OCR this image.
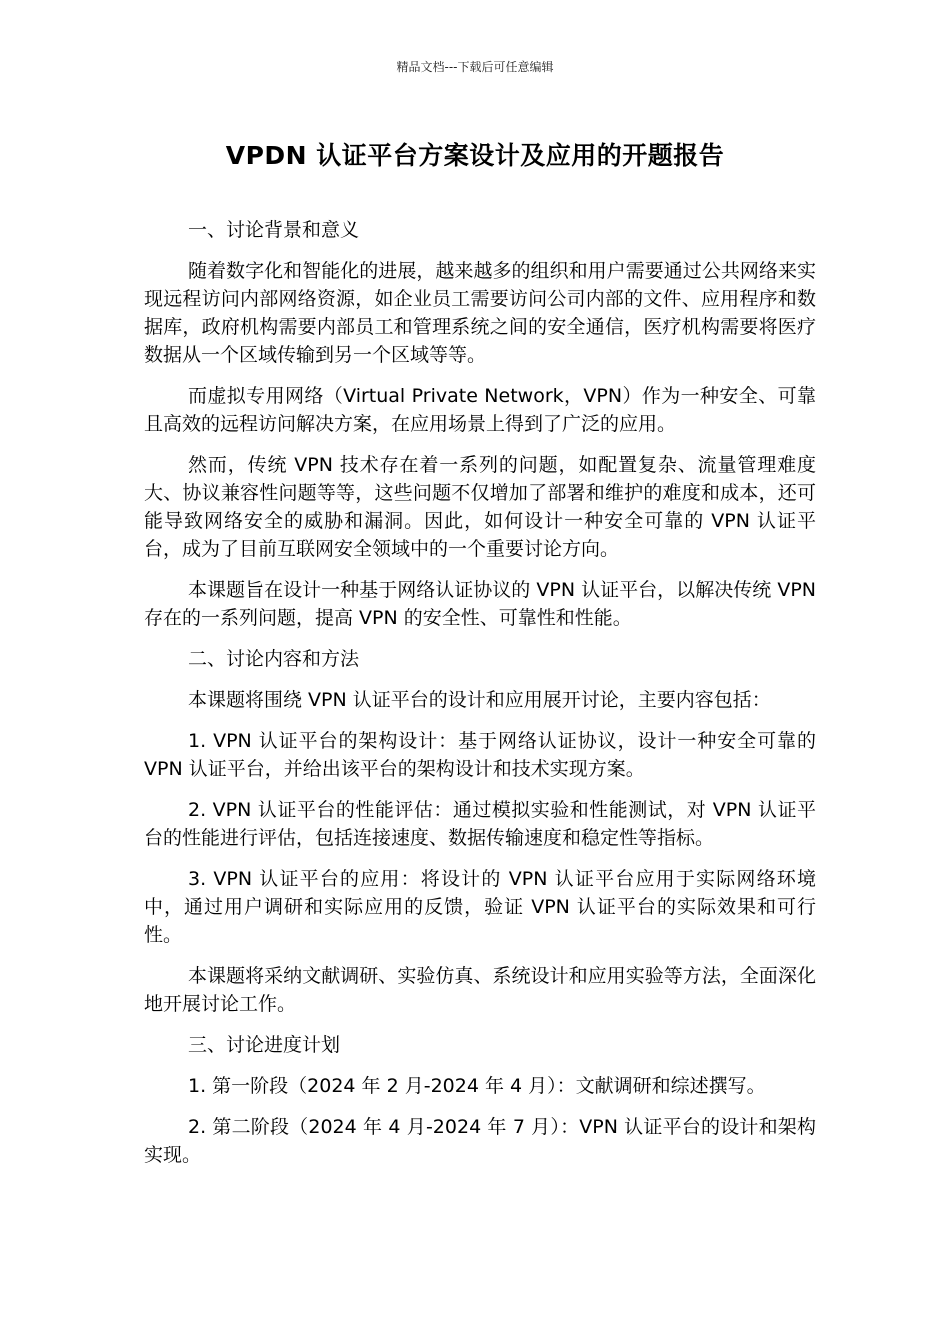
精品文档---下载后可任意编辑
VPDN 认证平台方案设计及应用的开题报告

一、讨论背景和意义

随着数字化和智能化的进展，越来越多的组织和用户需要通过公共网络来实现远程访问内部网络资源，如企业员工需要访问公司内部的文件、应用程序和数据库，政府机构需要内部员工和管理系统之间的安全通信，医疗机构需要将医疗数据从一个区域传输到另一个区域等等。

而虚拟专用网络（Virtual Private Network，VPN）作为一种安全、可靠且高效的远程访问解决方案，在应用场景上得到了广泛的应用。

然而，传统 VPN 技术存在着一系列的问题，如配置复杂、流量管理难度大、协议兼容性问题等等，这些问题不仅增加了部署和维护的难度和成本，还可能导致网络安全的威胁和漏洞。因此，如何设计一种安全可靠的 VPN 认证平台，成为了目前互联网安全领域中的一个重要讨论方向。

本课题旨在设计一种基于网络认证协议的 VPN 认证平台，以解决传统 VPN 存在的一系列问题，提高 VPN 的安全性、可靠性和性能。

二、讨论内容和方法

本课题将围绕 VPN 认证平台的设计和应用展开讨论，主要内容包括：

1. VPN 认证平台的架构设计：基于网络认证协议，设计一种安全可靠的 VPN 认证平台，并给出该平台的架构设计和技术实现方案。

2. VPN 认证平台的性能评估：通过模拟实验和性能测试，对 VPN 认证平台的性能进行评估，包括连接速度、数据传输速度和稳定性等指标。

3. VPN 认证平台的应用：将设计的 VPN 认证平台应用于实际网络环境中，通过用户调研和实际应用的反馈，验证 VPN 认证平台的实际效果和可行性。

本课题将采纳文献调研、实验仿真、系统设计和应用实验等方法，全面深化地开展讨论工作。

三、讨论进度计划

1. 第一阶段（2024 年 2 月-2024 年 4 月）：文献调研和综述撰写。

2. 第二阶段（2024 年 4 月-2024 年 7 月）：VPN 认证平台的设计和架构实现。
